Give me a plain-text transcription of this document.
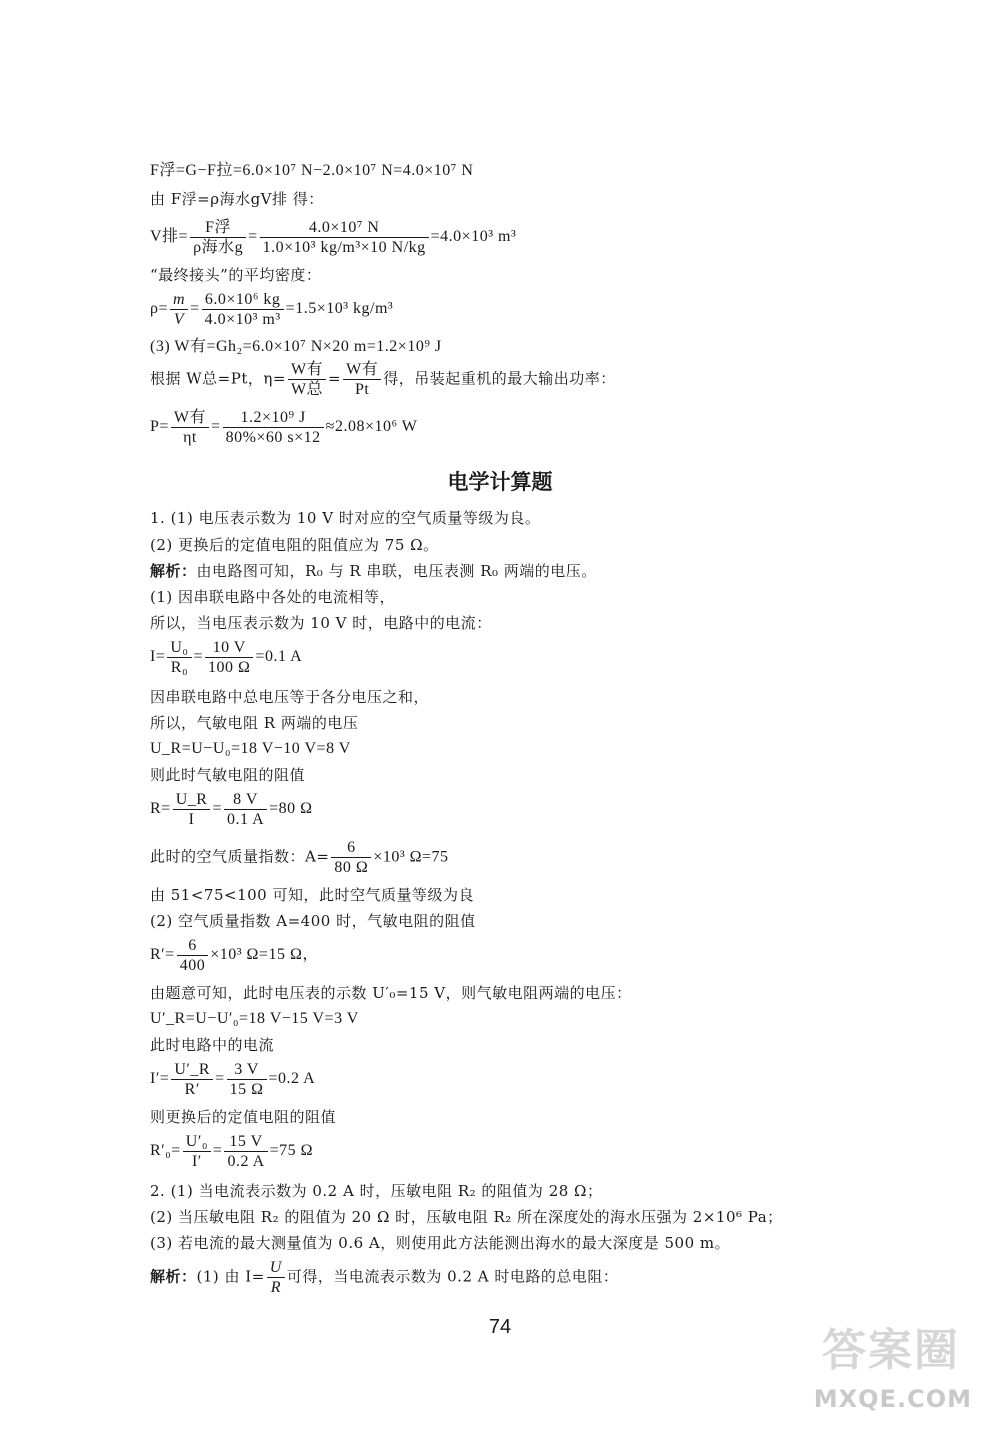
F浮=G−F拉=6.0×10⁷ N−2.0×10⁷ N=4.0×10⁷ N
由 F浮=ρ海水gV排 得：
V排= $\frac{\text{F浮}}{\text{ρ海水g}} = \frac{\text{4.0×10⁷ N}}{\text{1.0×10³ kg/m³×10 N/kg}} =4.0\times 10^3$ m³
“最终接头”的平均密度：
$\rho= \frac{m}{V} = \frac{\text{6.0×10⁶ kg}}{\text{4.0×10³ m³}} =1.5\times 10^3$ kg/m³
(3) W有=Gh₂=6.0×10⁷ N×20 m=1.2×10⁹ J
根据 W总=Pt，$\eta= \frac{\text{W有}}{\text{W总}} = \frac{\text{W有}}{Pt}$ 得，吊装起重机的最大输出功率：
$P= \frac{\text{W有}}{\eta t} = \frac{\text{1.2×10⁹ J}}{80\%\times 60 s\times 12} \approx 2.08\times 10^6$ W
电学计算题
1. (1) 电压表示数为 10 V 时对应的空气质量等级为良。
(2) 更换后的定值电阻的阻值应为 75 Ω。
解析：由电路图可知，R₀ 与 R 串联，电压表测 R₀ 两端的电压。
(1) 因串联电路中各处的电流相等，
所以，当电压表示数为 10 V 时，电路中的电流：
$I= \frac{\text{U₀}}{\text{R₀}} = \frac{10 V}{100 \Omega} =0.1$ A
因串联电路中总电压等于各分电压之和，
所以，气敏电阻 R 两端的电压
U_R=U−U₀=18 V−10 V=8 V
则此时气敏电阻的阻值
$R= \frac{U\_R}{I} = \frac{8 V}{0.1 A} =80$ Ω
此时的空气质量指数：$A= \frac{6}{80 \Omega} \times 10^3$ Ω=75
由 51<75<100 可知，此时空气质量等级为良
(2) 空气质量指数 A=400 时，气敏电阻的阻值
$R'= \frac{6}{400} \times 10^3$ Ω=15 Ω，
由题意可知，此时电压表的示数 U′₀=15 V，则气敏电阻两端的电压：
U′_R=U−U′₀=18 V−15 V=3 V
此时电路中的电流
$I'= \frac{U'\_R}{R'} = \frac{3 V}{15 \Omega} =0.2$ A
则更换后的定值电阻的阻值
$R'_0= \frac{\text{U′₀}}{I'} = \frac{15 V}{0.2 A} =75$ Ω
2. (1) 当电流表示数为 0.2 A 时，压敏电阻 R₂ 的阻值为 28 Ω；
(2) 当压敏电阻 R₂ 的阻值为 20 Ω 时，压敏电阻 R₂ 所在深度处的海水压强为 2×10⁶ Pa；
(3) 若电流的最大测量值为 0.6 A，则使用此方法能测出海水的最大深度是 500 m。
解析：(1) 由 $I= \frac{U}{R}$ 可得，当电流表示数为 0.2 A 时电路的总电阻：
74	答案圈
MXQE.COM
